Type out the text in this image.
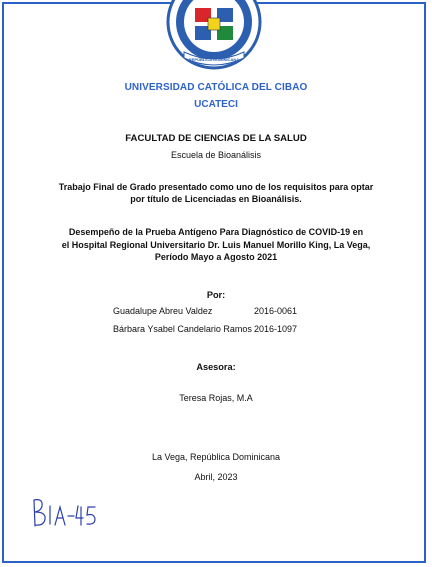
REPÚBLICA DOMINICANA
UNIVERSIDAD CATÓLICA DEL CIBAO
UCATECI
FACULTAD DE CIENCIAS DE LA SALUD
Escuela de Bioanálisis
Trabajo Final de Grado presentado como uno de los requisitos para optar
por título de Licenciadas en Bioanálisis.
Desempeño de la Prueba Antígeno Para Diagnóstico de COVID-19 en
el Hospital Regional Universitario Dr. Luis Manuel Morillo King, La Vega,
Período Mayo a Agosto 2021
Por:
Guadalupe Abreu Valdez	2016-0061
Bárbara Ysabel Candelario Ramos 2016-1097
Asesora:
Teresa Rojas, M.A
La Vega, República Dominicana
Abril, 2023
